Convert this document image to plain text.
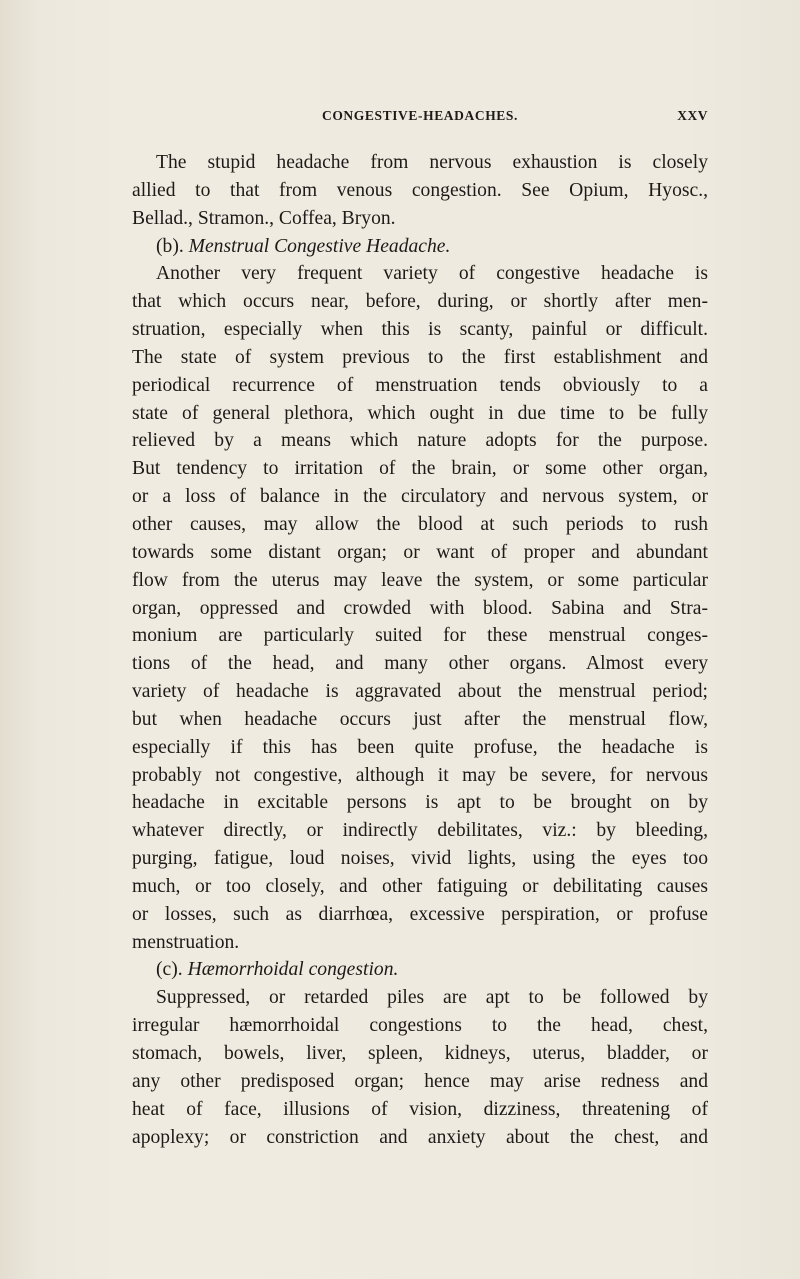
CONGESTIVE-HEADACHES.	XXV
The stupid headache from nervous exhaustion is closely
allied to that from venous congestion. See Opium, Hyosc.,
Bellad., Stramon., Coffea, Bryon.
(b). Menstrual Congestive Headache.
Another very frequent variety of congestive headache is
that which occurs near, before, during, or shortly after men-
struation, especially when this is scanty, painful or difficult.
The state of system previous to the first establishment and
periodical recurrence of menstruation tends obviously to a
state of general plethora, which ought in due time to be fully
relieved by a means which nature adopts for the purpose.
But tendency to irritation of the brain, or some other organ,
or a loss of balance in the circulatory and nervous system, or
other causes, may allow the blood at such periods to rush
towards some distant organ; or want of proper and abundant
flow from the uterus may leave the system, or some particular
organ, oppressed and crowded with blood. Sabina and Stra-
monium are particularly suited for these menstrual conges-
tions of the head, and many other organs. Almost every
variety of headache is aggravated about the menstrual period;
but when headache occurs just after the menstrual flow,
especially if this has been quite profuse, the headache is
probably not congestive, although it may be severe, for nervous
headache in excitable persons is apt to be brought on by
whatever directly, or indirectly debilitates, viz.: by bleeding,
purging, fatigue, loud noises, vivid lights, using the eyes too
much, or too closely, and other fatiguing or debilitating causes
or losses, such as diarrhœa, excessive perspiration, or profuse
menstruation.
(c). Hæmorrhoidal congestion.
Suppressed, or retarded piles are apt to be followed by
irregular hæmorrhoidal congestions to the head, chest,
stomach, bowels, liver, spleen, kidneys, uterus, bladder, or
any other predisposed organ; hence may arise redness and
heat of face, illusions of vision, dizziness, threatening of
apoplexy; or constriction and anxiety about the chest, and
